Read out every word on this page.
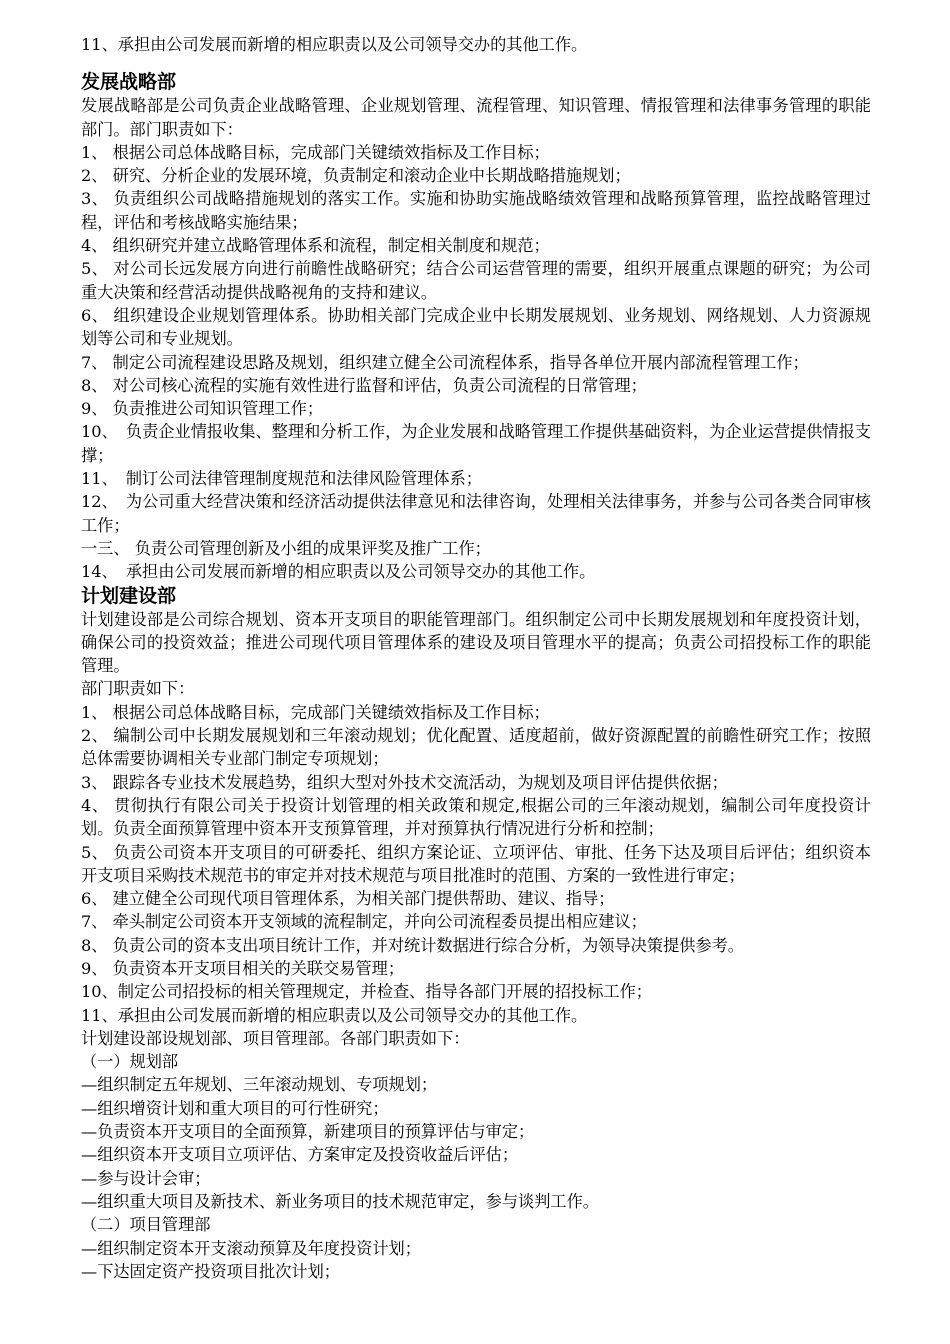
11、承担由公司发展而新增的相应职责以及公司领导交办的其他工作。
发展战略部
发展战略部是公司负责企业战略管理、企业规划管理、流程管理、知识管理、情报管理和法律事务管理的职能部门。部门职责如下：
1、 根据公司总体战略目标，完成部门关键绩效指标及工作目标；
2、 研究、分析企业的发展环境，负责制定和滚动企业中长期战略措施规划；
3、 负责组织公司战略措施规划的落实工作。实施和协助实施战略绩效管理和战略预算管理，监控战略管理过程，评估和考核战略实施结果；
4、 组织研究并建立战略管理体系和流程，制定相关制度和规范；
5、 对公司长远发展方向进行前瞻性战略研究；结合公司运营管理的需要，组织开展重点课题的研究；为公司重大决策和经营活动提供战略视角的支持和建议。
6、 组织建设企业规划管理体系。协助相关部门完成企业中长期发展规划、业务规划、网络规划、人力资源规划等公司和专业规划。
7、 制定公司流程建设思路及规划，组织建立健全公司流程体系，指导各单位开展内部流程管理工作；
8、 对公司核心流程的实施有效性进行监督和评估，负责公司流程的日常管理；
9、 负责推进公司知识管理工作；
10、　负责企业情报收集、整理和分析工作，为企业发展和战略管理工作提供基础资料，为企业运营提供情报支撑；
11、　制订公司法律管理制度规范和法律风险管理体系；
12、　为公司重大经营决策和经济活动提供法律意见和法律咨询，处理相关法律事务，并参与公司各类合同审核工作；
一三、 负责公司管理创新及小组的成果评奖及推广工作；
14、　承担由公司发展而新增的相应职责以及公司领导交办的其他工作。
计划建设部
计划建设部是公司综合规划、资本开支项目的职能管理部门。组织制定公司中长期发展规划和年度投资计划，确保公司的投资效益；推进公司现代项目管理体系的建设及项目管理水平的提高；负责公司招投标工作的职能管理。
部门职责如下：
1、 根据公司总体战略目标，完成部门关键绩效指标及工作目标；
2、 编制公司中长期发展规划和三年滚动规划；优化配置、适度超前，做好资源配置的前瞻性研究工作；按照总体需要协调相关专业部门制定专项规划；
3、 跟踪各专业技术发展趋势，组织大型对外技术交流活动，为规划及项目评估提供依据；
4、 贯彻执行有限公司关于投资计划管理的相关政策和规定,根据公司的三年滚动规划，编制公司年度投资计划。负责全面预算管理中资本开支预算管理，并对预算执行情况进行分析和控制；
5、 负责公司资本开支项目的可研委托、组织方案论证、立项评估、审批、任务下达及项目后评估；组织资本开支项目采购技术规范书的审定并对技术规范与项目批准时的范围、方案的一致性进行审定；
6、 建立健全公司现代项目管理体系，为相关部门提供帮助、建议、指导；
7、 牵头制定公司资本开支领域的流程制定，并向公司流程委员提出相应建议；
8、 负责公司的资本支出项目统计工作，并对统计数据进行综合分析，为领导决策提供参考。
9、 负责资本开支项目相关的关联交易管理；
10、制定公司招投标的相关管理规定，并检查、指导各部门开展的招投标工作；
11、承担由公司发展而新增的相应职责以及公司领导交办的其他工作。
计划建设部设规划部、项目管理部。各部门职责如下：
（一）规划部
—组织制定五年规划、三年滚动规划、专项规划；
—组织增资计划和重大项目的可行性研究；
—负责资本开支项目的全面预算，新建项目的预算评估与审定；
—组织资本开支项目立项评估、方案审定及投资收益后评估；
—参与设计会审；
—组织重大项目及新技术、新业务项目的技术规范审定，参与谈判工作。
（二）项目管理部
—组织制定资本开支滚动预算及年度投资计划；
—下达固定资产投资项目批次计划；
